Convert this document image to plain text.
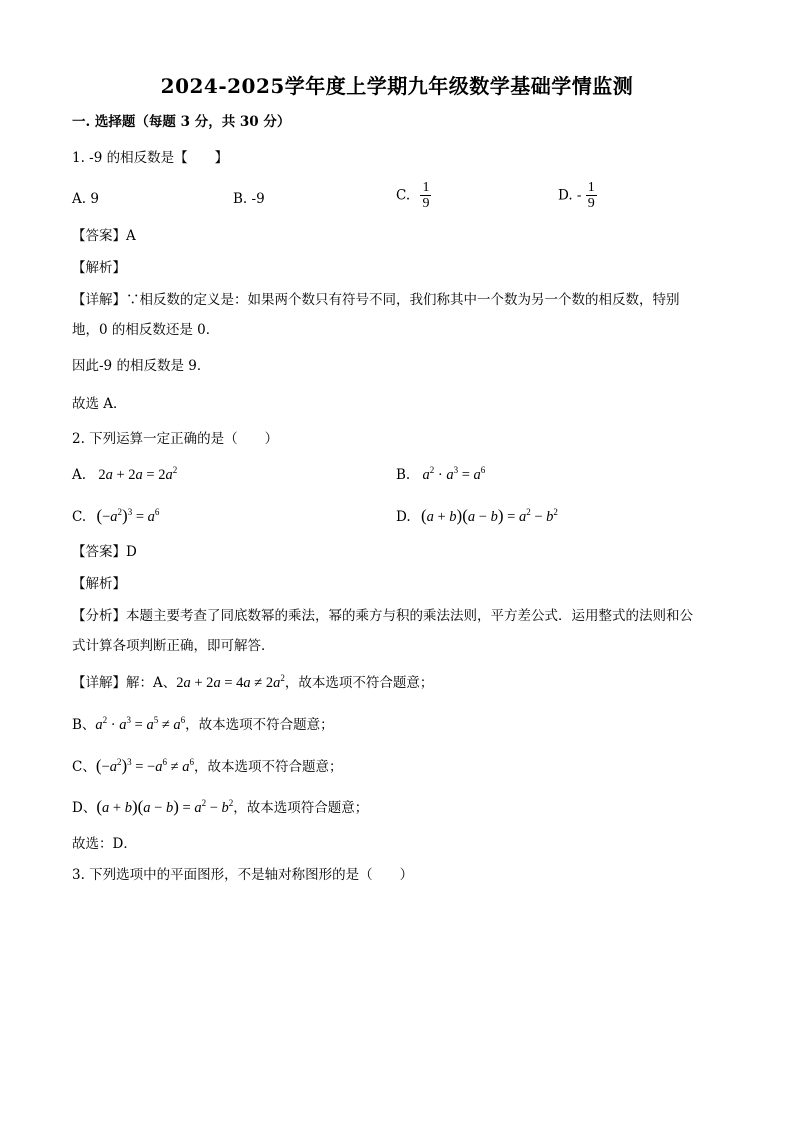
2024-2025学年度上学期九年级数学基础学情监测
一. 选择题（每题 3 分，共 30 分）
1. -9 的相反数是【　　】
A. 9	B. -9	C. $\frac{1}{9}$	D. - $\frac{1}{9}$
【答案】A
【解析】
【详解】∵相反数的定义是：如果两个数只有符号不同，我们称其中一个数为另一个数的相反数，特别
地，0 的相反数还是 0．
因此-9 的相反数是 9．
故选 A．
2. 下列运算一定正确的是（　　）
A. $2a + 2a = 2a^2$	B. $a^2 \cdot a^3 = a^6$
C. $(-a^2)^3 = a^6$	D. $(a + b)(a - b) = a^2 - b^2$
【答案】D
【解析】
【分析】本题主要考查了同底数幂的乘法，幂的乘方与积的乘法法则，平方差公式．运用整式的法则和公
式计算各项判断正确，即可解答．
【详解】解：A、$2a + 2a = 4a \ne 2a^2$，故本选项不符合题意；
B、$a^2 \cdot a^3 = a^5 \ne a^6$，故本选项不符合题意；
C、$(-a^2)^3 = -a^6 \ne a^6$，故本选项不符合题意；
D、$(a + b)(a - b) = a^2 - b^2$，故本选项符合题意；
故选：D．
3. 下列选项中的平面图形，不是轴对称图形的是（　　）
